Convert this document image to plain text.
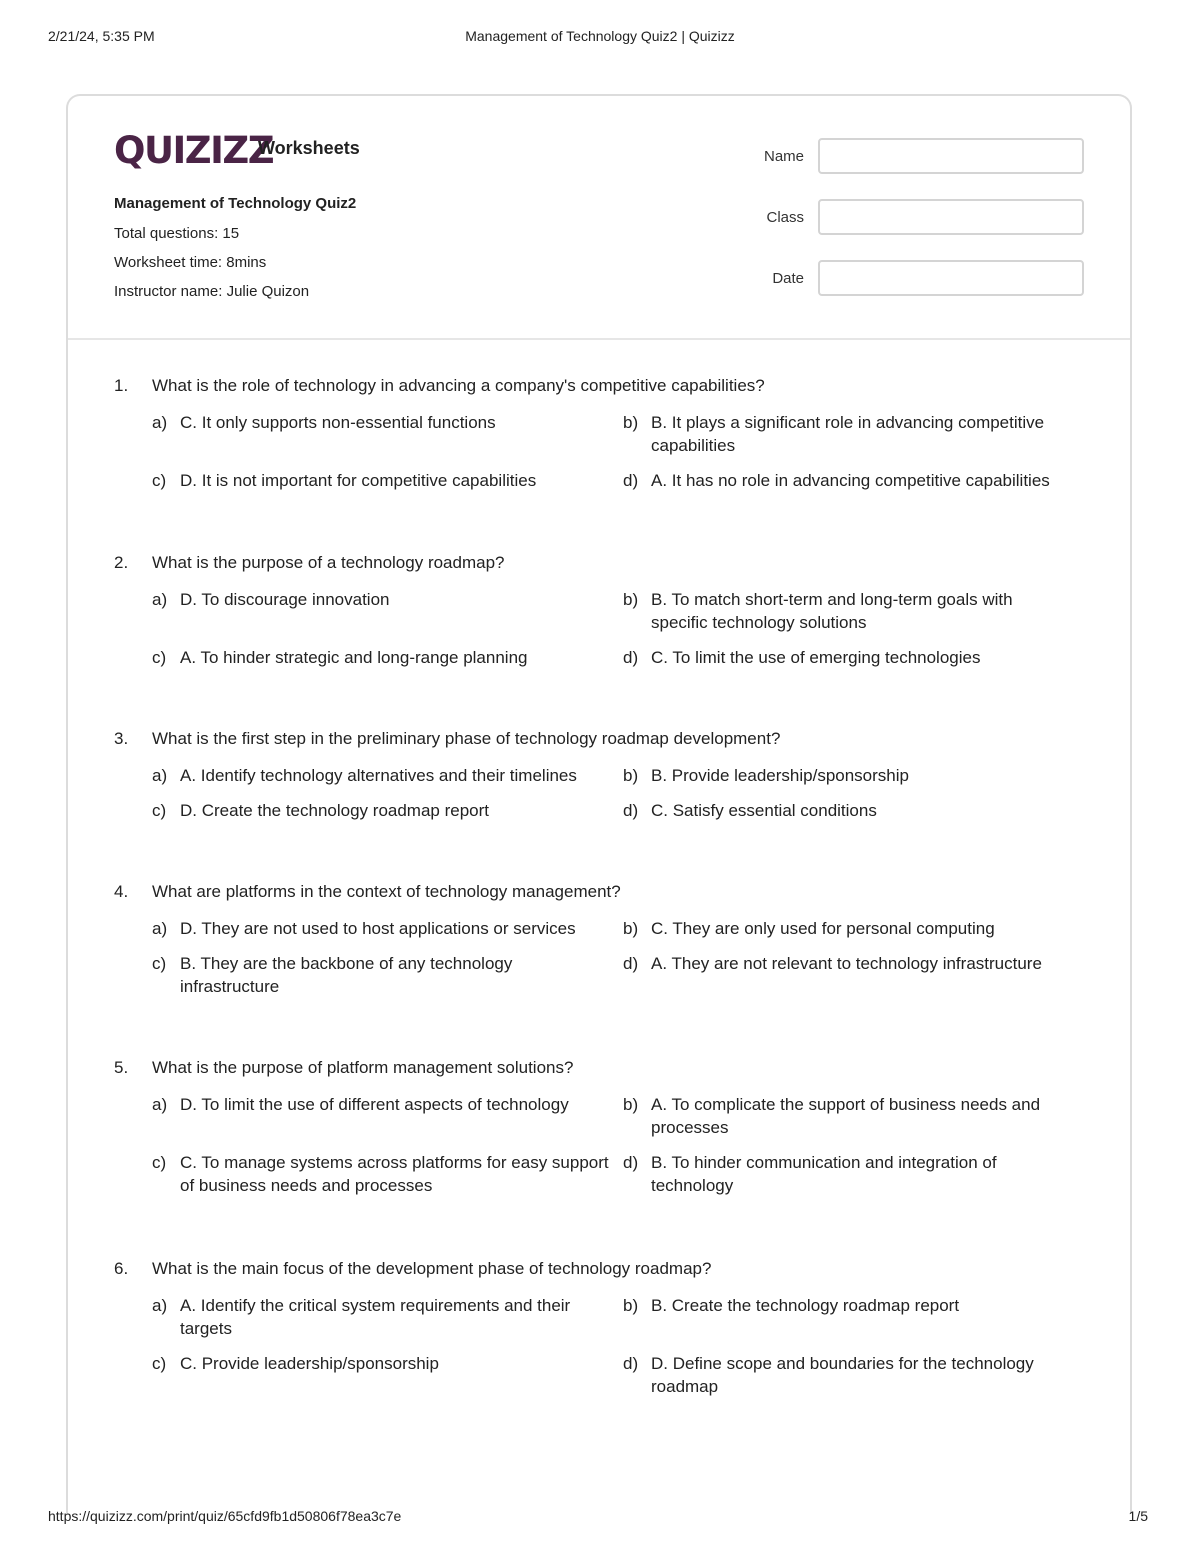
2/21/24, 5:35 PM	Management of Technology Quiz2 | Quizizz
QUIZIZZ
Worksheets
Management of Technology Quiz2
Total questions: 15
Worksheet time: 8mins
Instructor name: Julie Quizon
Name
Class
Date
1.	What is the role of technology in advancing a company's competitive capabilities?
a) C. It only supports non-essential functions	b) B. It plays a significant role in advancing competitive capabilities
c) D. It is not important for competitive capabilities	d) A. It has no role in advancing competitive capabilities
2.	What is the purpose of a technology roadmap?
a) D. To discourage innovation	b) B. To match short-term and long-term goals with specific technology solutions
c) A. To hinder strategic and long-range planning	d) C. To limit the use of emerging technologies
3.	What is the first step in the preliminary phase of technology roadmap development?
a) A. Identify technology alternatives and their timelines	b) B. Provide leadership/sponsorship
c) D. Create the technology roadmap report	d) C. Satisfy essential conditions
4.	What are platforms in the context of technology management?
a) D. They are not used to host applications or services	b) C. They are only used for personal computing
c) B. They are the backbone of any technology infrastructure
d) A. They are not relevant to technology infrastructure
5.	What is the purpose of platform management solutions?
a) D. To limit the use of different aspects of technology	b) A. To complicate the support of business needs and processes
c) C. To manage systems across platforms for easy support of business needs and processes
d) B. To hinder communication and integration of technology
6.	What is the main focus of the development phase of technology roadmap?
a) A. Identify the critical system requirements and their targets
b) B. Create the technology roadmap report
c) C. Provide leadership/sponsorship	d) D. Define scope and boundaries for the technology roadmap
https://quizizz.com/print/quiz/65cfd9fb1d50806f78ea3c7e	1/5
